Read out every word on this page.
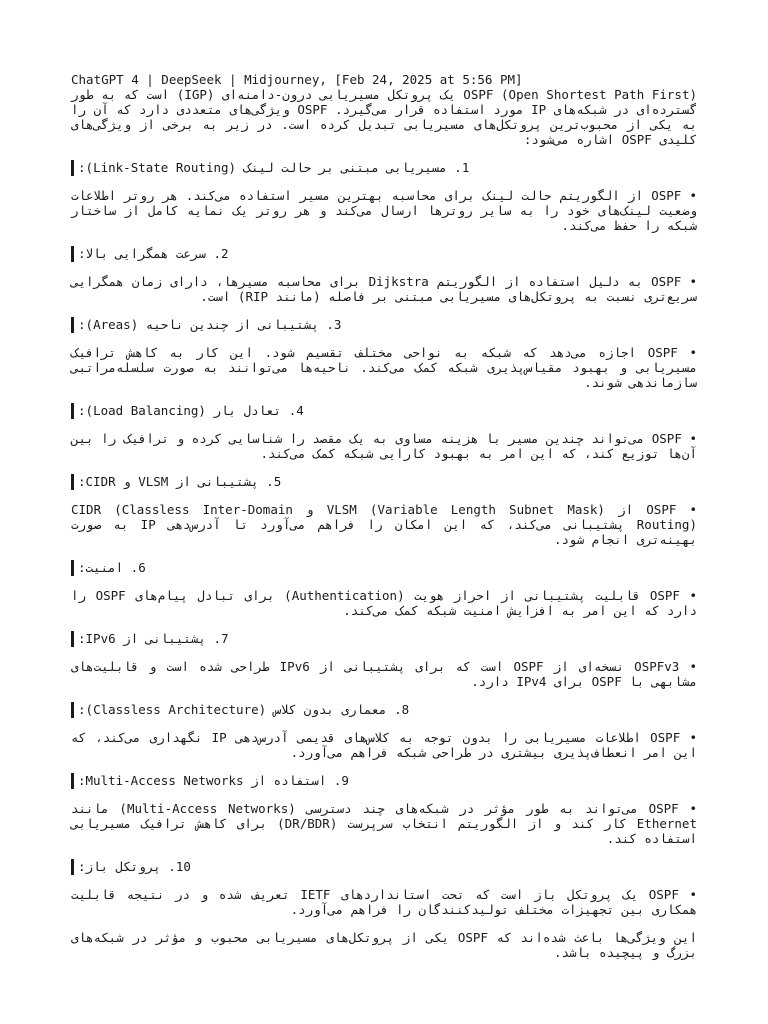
ChatGPT 4 | DeepSeek | Midjourney, [Feb 24, 2025 at 5:56 PM]
OSPF (Open Shortest Path First) یک پروتکل مسیریابی درون-دامنه‌ای (IGP) است که به طور گسترده‌ای در شبکه‌های IP مورد استفاده قرار می‌گیرد. OSPF ویژگی‌های متعددی دارد که آن را به یکی از محبوب‌ترین پروتکل‌های مسیریابی تبدیل کرده است. در زیر به برخی از ویژگی‌های کلیدی OSPF اشاره می‌شود:
1. مسیریابی مبتنی بر حالت لینک (Link-State Routing):
• OSPF از الگوریتم حالت لینک برای محاسبه بهترین مسیر استفاده می‌کند. هر روتر اطلاعات وضعیت لینک‌های خود را به سایر روترها ارسال می‌کند و هر روتر یک نمایه کامل از ساختار شبکه را حفظ می‌کند.
2. سرعت همگرایی بالا:
• OSPF به دلیل استفاده از الگوریتم Dijkstra برای محاسبه مسیرها، دارای زمان همگرایی سریع‌تری نسبت به پروتکل‌های مسیریابی مبتنی بر فاصله (مانند RIP) است.
3. پشتیبانی از چندین ناحیه (Areas):
• OSPF اجازه می‌دهد که شبکه به نواحی مختلف تقسیم شود. این کار به کاهش ترافیک مسیریابی و بهبود مقیاس‌پذیری شبکه کمک می‌کند. ناحیه‌ها می‌توانند به صورت سلسله‌مراتبی سازماندهی شوند.
4. تعادل بار (Load Balancing):
• OSPF می‌تواند چندین مسیر با هزینه مساوی به یک مقصد را شناسایی کرده و ترافیک را بین آن‌ها توزیع کند، که این امر به بهبود کارایی شبکه کمک می‌کند.
5. پشتیبانی از VLSM و CIDR:
• OSPF از VLSM (Variable Length Subnet Mask) و CIDR (Classless Inter-Domain Routing) پشتیبانی می‌کند، که این امکان را فراهم می‌آورد تا آدرس‌دهی IP به صورت بهینه‌تری انجام شود.
6. امنیت:
• OSPF قابلیت پشتیبانی از احراز هویت (Authentication) برای تبادل پیام‌های OSPF را دارد که این امر به افزایش امنیت شبکه کمک می‌کند.
7. پشتیبانی از IPv6:
• OSPFv3 نسخه‌ای از OSPF است که برای پشتیبانی از IPv6 طراحی شده است و قابلیت‌های مشابهی با OSPF برای IPv4 دارد.
8. معماری بدون کلاس (Classless Architecture):
• OSPF اطلاعات مسیریابی را بدون توجه به کلاس‌های قدیمی آدرس‌دهی IP نگهداری می‌کند، که این امر انعطاف‌پذیری بیشتری در طراحی شبکه فراهم می‌آورد.
9. استفاده از Multi-Access Networks:
• OSPF می‌تواند به طور مؤثر در شبکه‌های چند دسترسی (Multi-Access Networks) مانند Ethernet کار کند و از الگوریتم انتخاب سرپرست (DR/BDR) برای کاهش ترافیک مسیریابی استفاده کند.
10. پروتکل باز:
• OSPF یک پروتکل باز است که تحت استانداردهای IETF تعریف شده و در نتیجه قابلیت همکاری بین تجهیزات مختلف تولیدکنندگان را فراهم می‌آورد.
این ویژگی‌ها باعث شده‌اند که OSPF یکی از پروتکل‌های مسیریابی محبوب و مؤثر در شبکه‌های بزرگ و پیچیده باشد.
